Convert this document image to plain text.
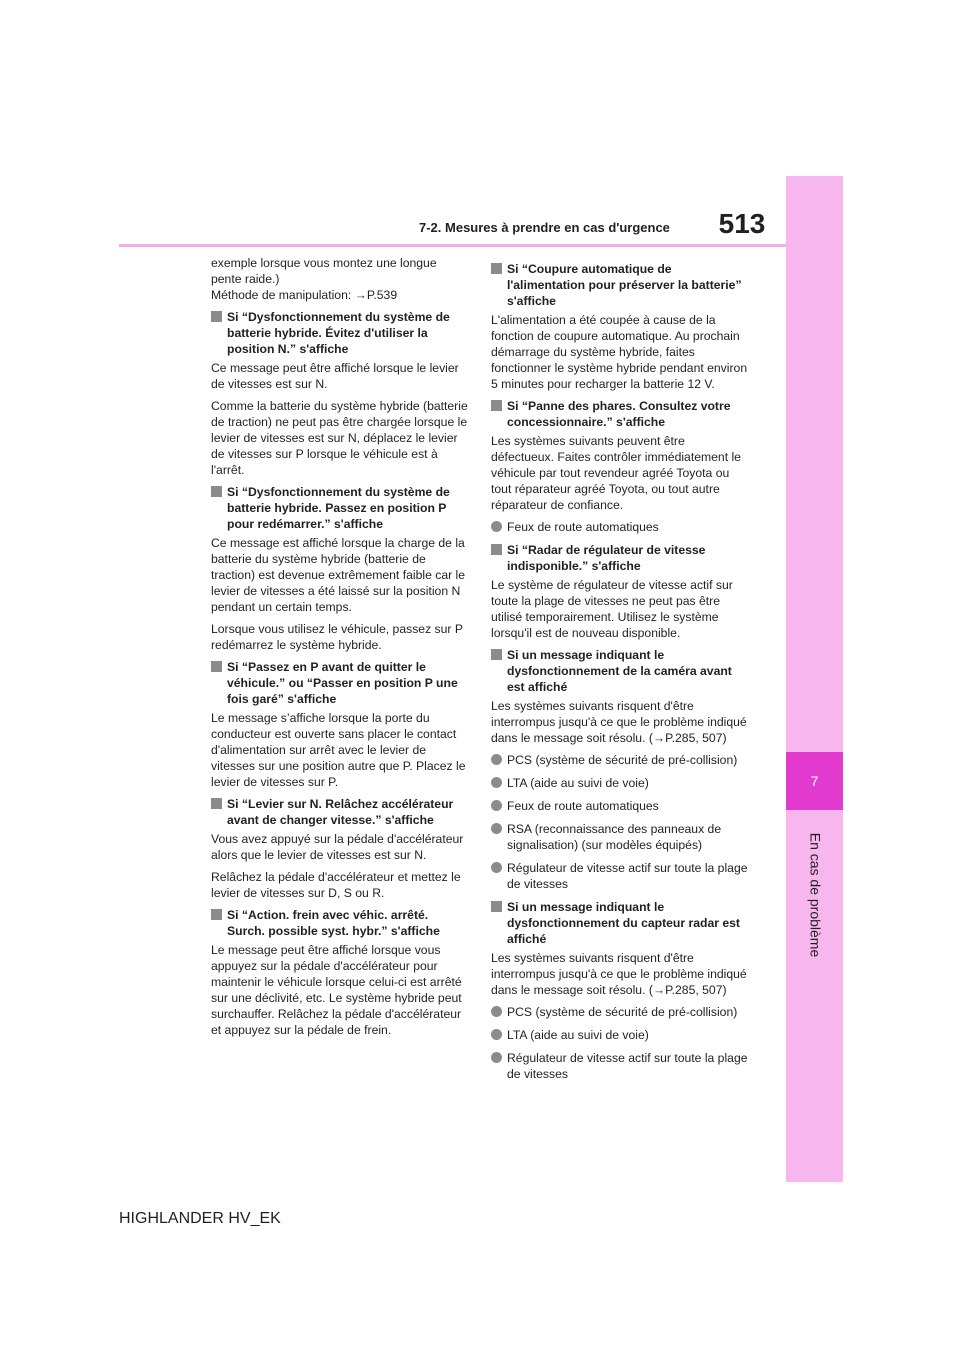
7
En cas de problème
513
7-2. Mesures à prendre en cas d'urgence

exemple lorsque vous montez une longue pente raide.)

Méthode de manipulation: →P.539

Si “Dysfonctionnement du système de batterie hybride. Évitez d'utiliser la position N.” s'affiche

Ce message peut être affiché lorsque le levier de vitesses est sur N.

Comme la batterie du système hybride (batterie de traction) ne peut pas être chargée lorsque le levier de vitesses est sur N, déplacez le levier de vitesses sur P lorsque le véhicule est à l'arrêt.

Si “Dysfonctionnement du système de batterie hybride. Passez en position P pour redémarrer.” s'affiche

Ce message est affiché lorsque la charge de la batterie du système hybride (batterie de traction) est devenue extrêmement faible car le levier de vitesses a été laissé sur la position N pendant un certain temps.

Lorsque vous utilisez le véhicule, passez sur P redémarrez le système hybride.

Si “Passez en P avant de quitter le véhicule.” ou “Passer en position P une fois garé” s'affiche

Le message s’affiche lorsque la porte du conducteur est ouverte sans placer le contact d'alimentation sur arrêt avec le levier de vitesses sur une position autre que P. Placez le levier de vitesses sur P.

Si “Levier sur N. Relâchez accélérateur avant de changer vitesse.” s'affiche

Vous avez appuyé sur la pédale d'accélérateur alors que le levier de vitesses est sur N.

Relâchez la pédale d'accélérateur et mettez le levier de vitesses sur D, S ou R.

Si “Action. frein avec véhic. arrêté. Surch. possible syst. hybr.” s'affiche

Le message peut être affiché lorsque vous appuyez sur la pédale d'accélérateur pour maintenir le véhicule lorsque celui-ci est arrêté sur une déclivité, etc. Le système hybride peut surchauffer. Relâchez la pédale d'accélérateur et appuyez sur la pédale de frein.

Si “Coupure automatique de l'alimentation pour préserver la batterie” s'affiche

L'alimentation a été coupée à cause de la fonction de coupure automatique. Au prochain démarrage du système hybride, faites fonctionner le système hybride pendant environ 5 minutes pour recharger la batterie 12 V.

Si “Panne des phares. Consultez votre concessionnaire.” s'affiche

Les systèmes suivants peuvent être défectueux. Faites contrôler immédiatement le véhicule par tout revendeur agréé Toyota ou tout réparateur agréé Toyota, ou tout autre réparateur de confiance.

Feux de route automatiques
Si “Radar de régulateur de vitesse indisponible.” s'affiche

Le système de régulateur de vitesse actif sur toute la plage de vitesses ne peut pas être utilisé temporairement. Utilisez le système lorsqu'il est de nouveau disponible.

Si un message indiquant le dysfonctionnement de la caméra avant est affiché

Les systèmes suivants risquent d'être interrompus jusqu'à ce que le problème indiqué dans le message soit résolu. (→P.285, 507)

PCS (système de sécurité de pré-collision)
LTA (aide au suivi de voie)
Feux de route automatiques
RSA (reconnaissance des panneaux de signalisation) (sur modèles équipés)
Régulateur de vitesse actif sur toute la plage de vitesses
Si un message indiquant le dysfonctionnement du capteur radar est affiché

Les systèmes suivants risquent d'être interrompus jusqu'à ce que le problème indiqué dans le message soit résolu. (→P.285, 507)

PCS (système de sécurité de pré-collision)
LTA (aide au suivi de voie)
Régulateur de vitesse actif sur toute la plage de vitesses
HIGHLANDER HV_EK
